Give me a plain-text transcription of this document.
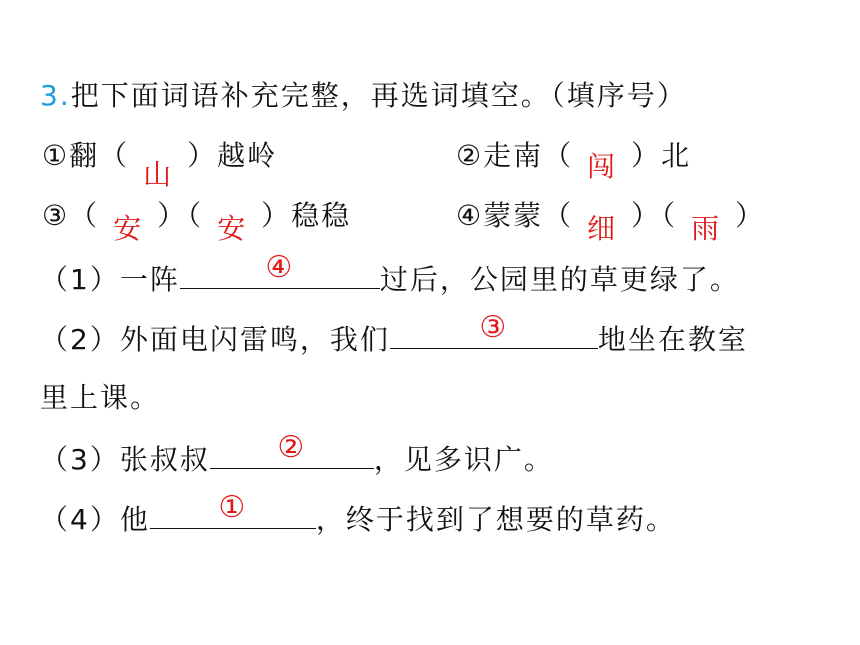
3.把下面词语补充完整，再选词填空。（填序号）
①翻（
山
）越岭	②走南（ 闯 ）北
③（ 安 ）（ 安 ）稳稳	④蒙蒙（ 细 ）（ 雨 ）
（1）一阵	④	过后，公园里的草更绿了。
（2）外面电闪雷鸣，我们	③	地坐在教室
里上课。
（3）张叔叔 ② ，见多识广。
（4）他 ① ，终于找到了想要的草药。
